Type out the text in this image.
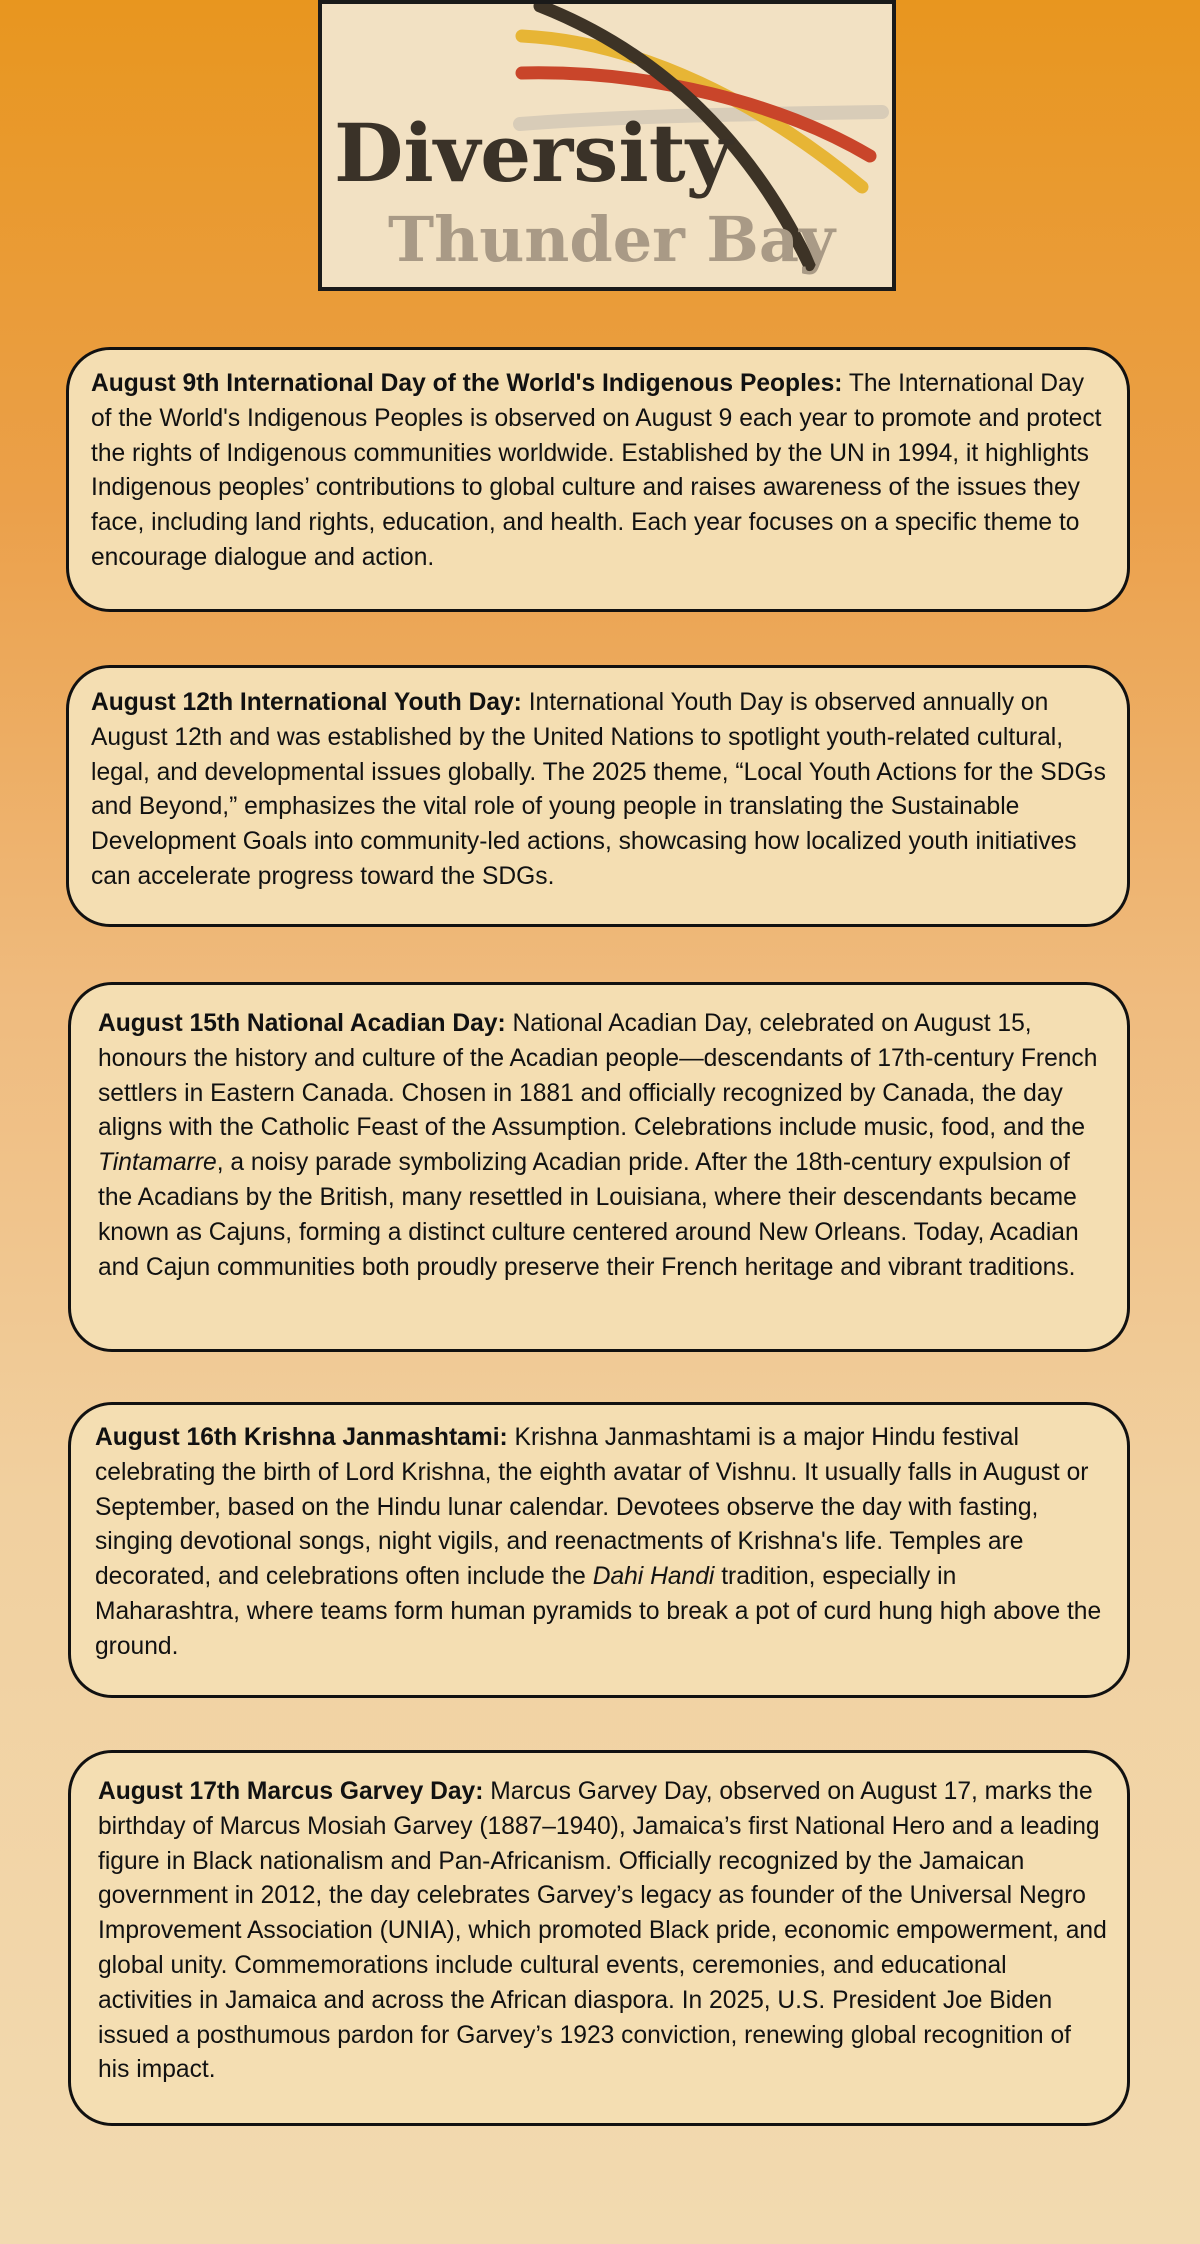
Diversity
Thunder Bay

August 9th International Day of the World's Indigenous Peoples: The International Day of the World's Indigenous Peoples is observed on August 9 each year to promote and protect the rights of Indigenous communities worldwide. Established by the UN in 1994, it highlights Indigenous peoples’ contributions to global culture and raises awareness of the issues they face, including land rights, education, and health. Each year focuses on a specific theme to encourage dialogue and action.

August 12th International Youth Day: International Youth Day is observed annually on August 12th and was established by the United Nations to spotlight youth-related cultural, legal, and developmental issues globally. The 2025 theme, “Local Youth Actions for the SDGs and Beyond,” emphasizes the vital role of young people in translating the Sustainable Development Goals into community-led actions, showcasing how localized youth initiatives can accelerate progress toward the SDGs.

August 15th National Acadian Day: National Acadian Day, celebrated on August 15, honours the history and culture of the Acadian people—descendants of 17th-century French settlers in Eastern Canada. Chosen in 1881 and officially recognized by Canada, the day aligns with the Catholic Feast of the Assumption. Celebrations include music, food, and the Tintamarre, a noisy parade symbolizing Acadian pride. After the 18th-century expulsion of the Acadians by the British, many resettled in Louisiana, where their descendants became known as Cajuns, forming a distinct culture centered around New Orleans. Today, Acadian and Cajun communities both proudly preserve their French heritage and vibrant traditions.

August 16th Krishna Janmashtami: Krishna Janmashtami is a major Hindu festival celebrating the birth of Lord Krishna, the eighth avatar of Vishnu. It usually falls in August or September, based on the Hindu lunar calendar. Devotees observe the day with fasting, singing devotional songs, night vigils, and reenactments of Krishna's life. Temples are decorated, and celebrations often include the Dahi Handi tradition, especially in Maharashtra, where teams form human pyramids to break a pot of curd hung high above the ground.

August 17th Marcus Garvey Day: Marcus Garvey Day, observed on August 17, marks the birthday of Marcus Mosiah Garvey (1887–1940), Jamaica’s first National Hero and a leading figure in Black nationalism and Pan-Africanism. Officially recognized by the Jamaican government in 2012, the day celebrates Garvey’s legacy as founder of the Universal Negro Improvement Association (UNIA), which promoted Black pride, economic empowerment, and global unity. Commemorations include cultural events, ceremonies, and educational activities in Jamaica and across the African diaspora. In 2025, U.S. President Joe Biden issued a posthumous pardon for Garvey’s 1923 conviction, renewing global recognition of his impact.
